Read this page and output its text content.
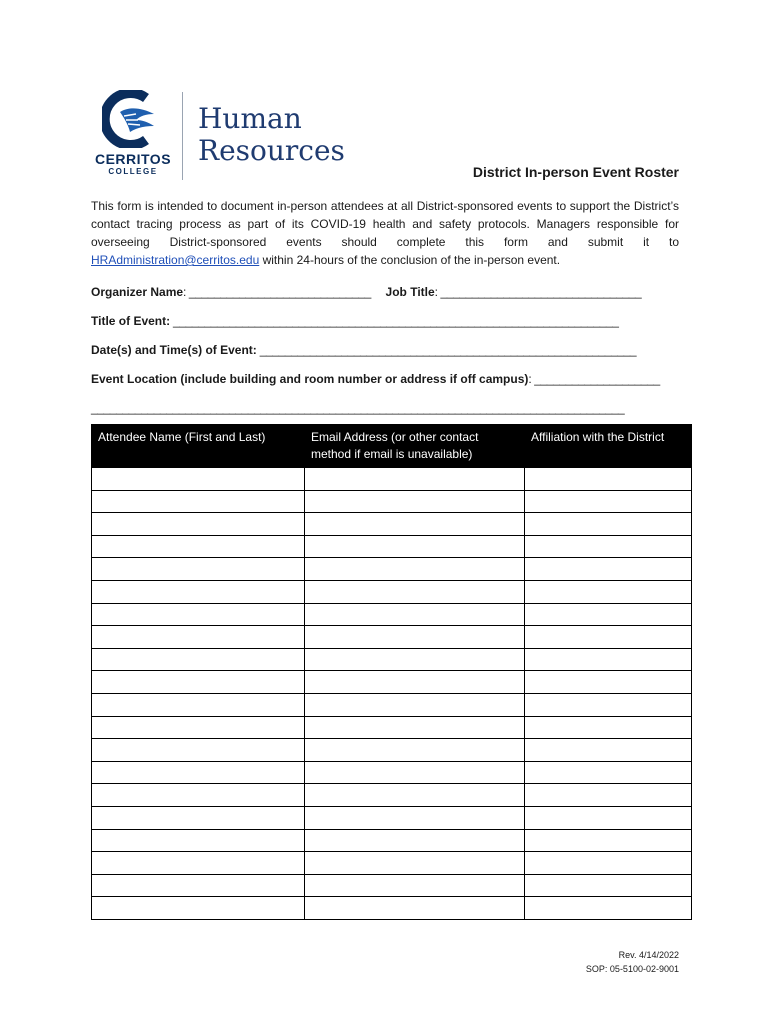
CERRITOS
COLLEGE
Human
Resources
District In-person Event Roster

This form is intended to document in-person attendees at all District-sponsored events to support the District’s contact tracing process as part of its COVID-19 health and safety protocols. Managers responsible for overseeing District-sponsored events should complete this form and submit it to HRAdministration@cerritos.edu within 24-hours of the conclusion of the in-person event.

Organizer Name: _____________________________ Job Title: ________________________________
Title of Event: _______________________________________________________________________
Date(s) and Time(s) of Event: ____________________________________________________________
Event Location (include building and room number or address if off campus): ____________________
_____________________________________________________________________________________
Attendee Name (First and Last)	Email Address (or other contact method if email is unavailable)	Affiliation with the District

Rev. 4/14/2022
SOP: 05-5100-02-9001
